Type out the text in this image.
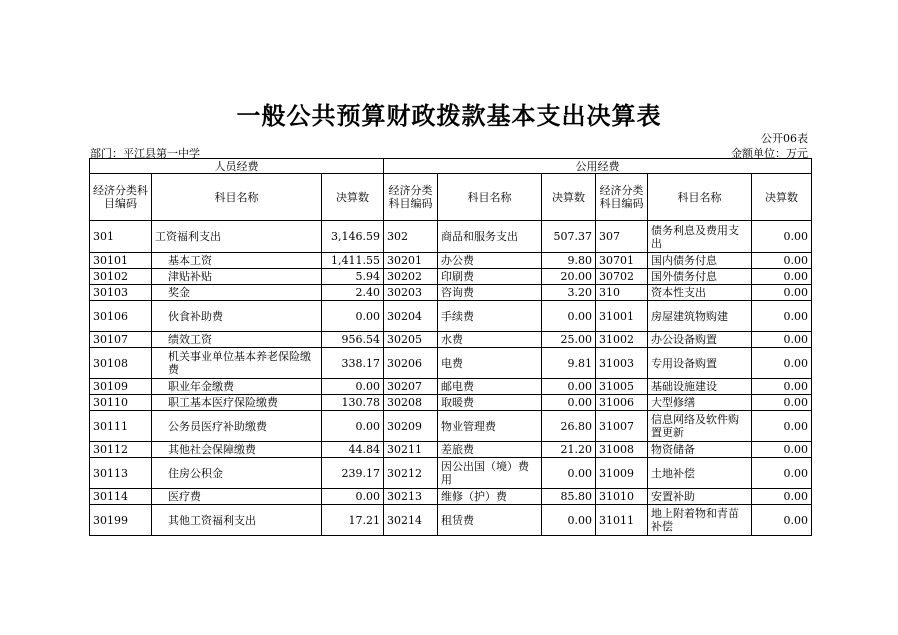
一般公共预算财政拨款基本支出决算表
公开06表
部门：平江县第一中学	金额单位：万元
人员经费			公用经费					
经济分类科目编码	科目名称	决算数	经济分类科目编码	科目名称	决算数	经济分类科目编码	科目名称	决算数
301	工资福利支出	3,146.59	302	商品和服务支出	507.37	307	债务利息及费用支出	0.00
30101	基本工资	1,411.55	30201	办公费	9.80	30701	国内债务付息	0.00
30102	津贴补贴	5.94	30202	印刷费	20.00	30702	国外债务付息	0.00
30103	奖金	2.40	30203	咨询费	3.20	310	资本性支出	0.00
30106	伙食补助费	0.00	30204	手续费	0.00	31001	房屋建筑物购建	0.00
30107	绩效工资	956.54	30205	水费	25.00	31002	办公设备购置	0.00
30108	机关事业单位基本养老保险缴费	338.17	30206	电费	9.81	31003	专用设备购置	0.00
30109	职业年金缴费	0.00	30207	邮电费	0.00	31005	基础设施建设	0.00
30110	职工基本医疗保险缴费	130.78	30208	取暖费	0.00	31006	大型修缮	0.00
30111	公务员医疗补助缴费	0.00	30209	物业管理费	26.80	31007	信息网络及软件购置更新	0.00
30112	其他社会保障缴费	44.84	30211	差旅费	21.20	31008	物资储备	0.00
30113	住房公积金	239.17	30212	因公出国（境）费用	0.00	31009	土地补偿	0.00
30114	医疗费	0.00	30213	维修（护）费	85.80	31010	安置补助	0.00
30199	其他工资福利支出	17.21	30214	租赁费	0.00	31011	地上附着物和青苗补偿	0.00
